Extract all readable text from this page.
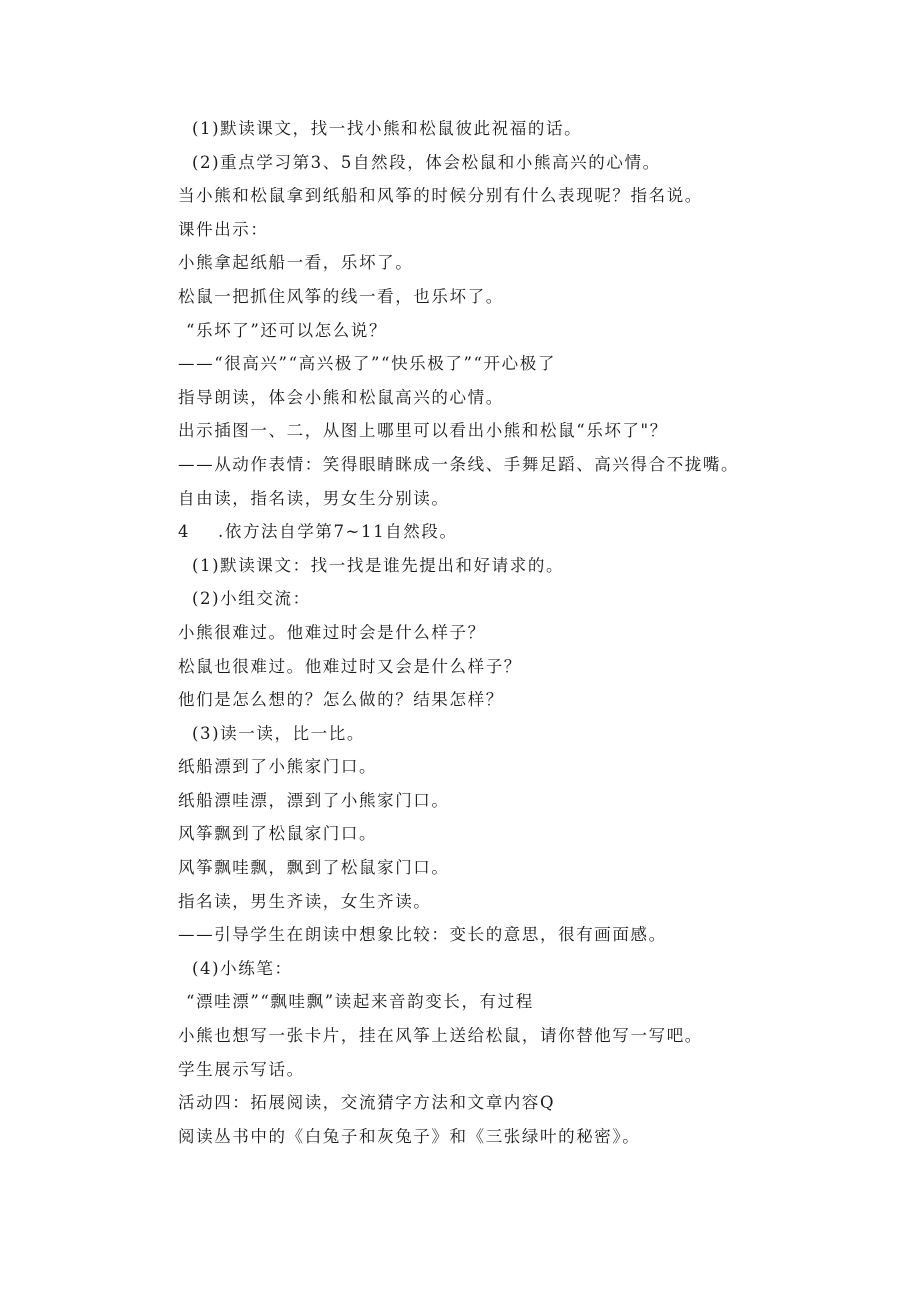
(1)默读课文，找一找小熊和松鼠彼此祝福的话。
(2)重点学习第3、5自然段，体会松鼠和小熊高兴的心情。
当小熊和松鼠拿到纸船和风筝的时候分别有什么表现呢？指名说。
课件出示：
小熊拿起纸船一看，乐坏了。
松鼠一把抓住风筝的线一看，也乐坏了。
“乐坏了”还可以怎么说？
——“很高兴”“高兴极了”“快乐极了”“开心极了
指导朗读，体会小熊和松鼠高兴的心情。
出示插图一、二，从图上哪里可以看出小熊和松鼠“乐坏了"？
——从动作表情：笑得眼睛眯成一条线、手舞足蹈、高兴得合不拢嘴。
自由读，指名读，男女生分别读。
4	.依方法自学第7~11自然段。
(1)默读课文：找一找是谁先提出和好请求的。
(2)小组交流：
小熊很难过。他难过时会是什么样子？
松鼠也很难过。他难过时又会是什么样子？
他们是怎么想的？怎么做的？结果怎样？
(3)读一读，比一比。
纸船漂到了小熊家门口。
纸船漂哇漂，漂到了小熊家门口。
风筝飘到了松鼠家门口。
风筝飘哇飘，飘到了松鼠家门口。
指名读，男生齐读，女生齐读。
——引导学生在朗读中想象比较：变长的意思，很有画面感。
(4)小练笔：
“漂哇漂”“飘哇飘”读起来音韵变长，有过程
小熊也想写一张卡片，挂在风筝上送给松鼠，请你替他写一写吧。
学生展示写话。
活动四：拓展阅读，交流猜字方法和文章内容Q
阅读丛书中的《白兔子和灰兔子》和《三张绿叶的秘密》。
